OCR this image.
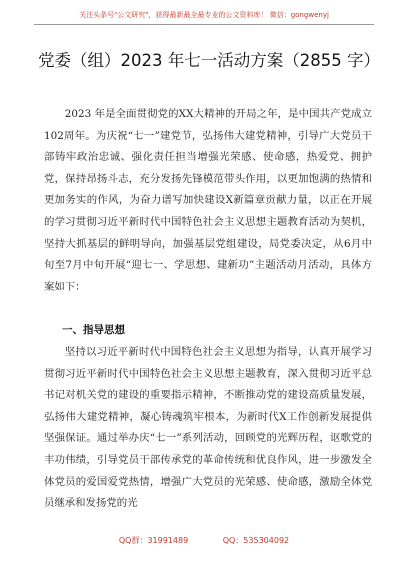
关注头条号"公文研究"，获得最新最全最专业的公文资料库！ 微信：gongwenyj
党委（组）2023 年七一活动方案（2855 字）

2023 年是全面贯彻党的XX大精神的开局之年，是中国共产党成立102周年。为庆祝“七一”建党节，弘扬伟大建党精神，引导广大党员干部铸牢政治忠诚、强化责任担当增强光荣感、使命感，热爱党、拥护党，保持昂扬斗志，充分发扬先锋模范带头作用，以更加饱满的热情和更加务实的作风，为奋力谱写加快建设X新篇章贡献力量，以正在开展的学习贯彻习近平新时代中国特色社会主义思想主题教育活动为契机，坚持大抓基层的鲜明导向，加强基层党组建设，局党委决定，从6月中旬至7月中旬开展“迎七一、学思想、建新功”主题活动月活动，具体方案如下：

一、指导思想

坚持以习近平新时代中国特色社会主义思想为指导，认真开展学习贯彻习近平新时代中国特色社会主义思想主题教育，深入贯彻习近平总书记对机关党的建设的重要指示精神，不断推动党的建设高质量发展，弘扬伟大建党精神，凝心铸魂筑牢根本，为新时代X工作创新发展提供坚强保证。通过举办庆“七一”系列活动，回顾党的光辉历程，讴歌党的丰功伟绩，引导党员干部传承党的革命传统和优良作风，进一步激发全体党员的爱国爱党热情，增强广大党员的光荣感、使命感，激励全体党员继承和发扬党的光

QQ群：31991489	QQ：535304092
